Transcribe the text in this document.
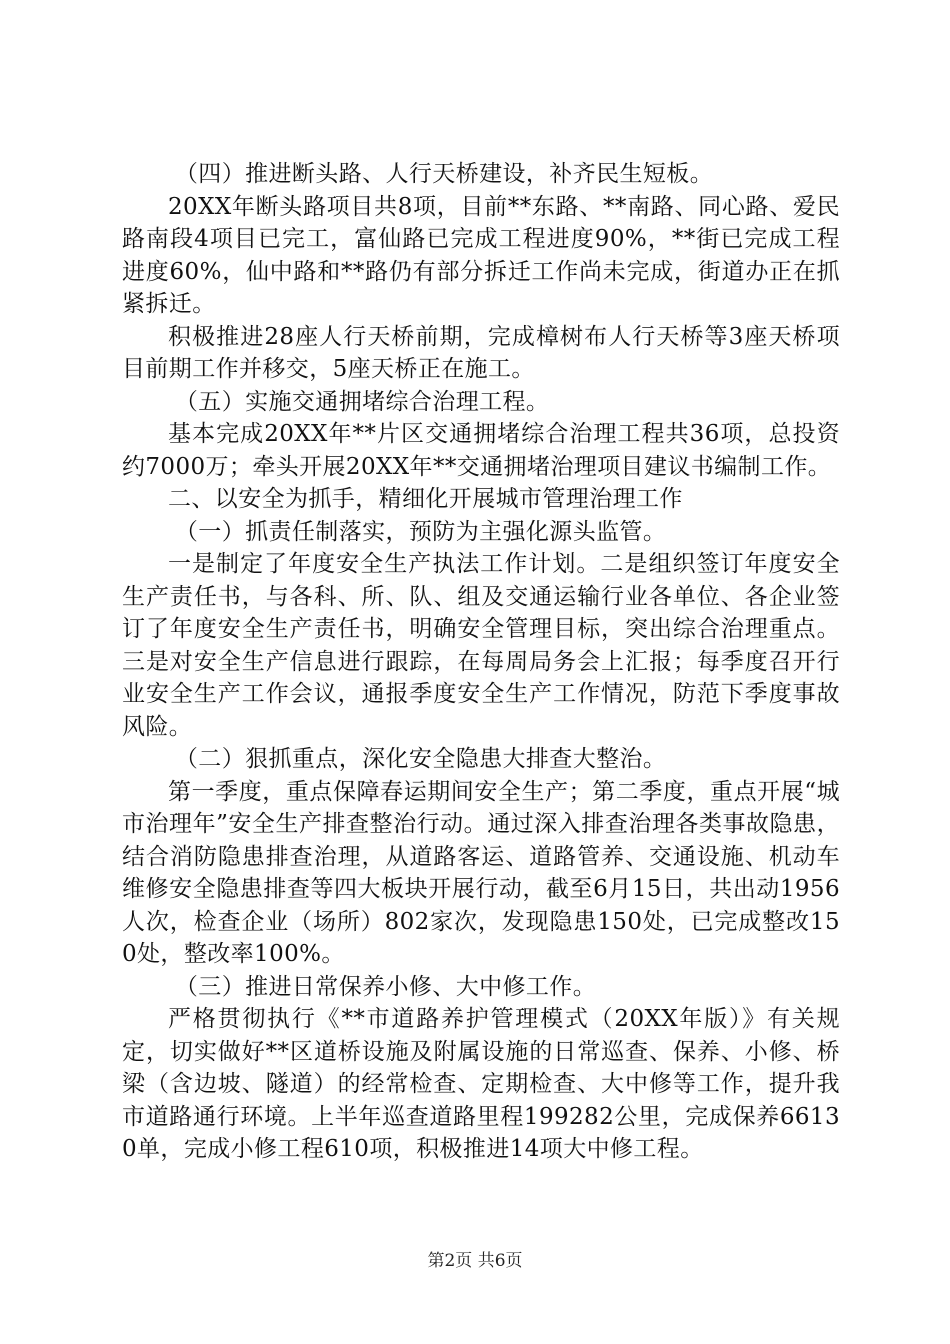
（四）推进断头路、人行天桥建设，补齐民生短板。

20XX年断头路项目共8项，目前**东路、**南路、同心路、爱民路南段4项目已完工，富仙路已完成工程进度90%，**街已完成工程进度60%，仙中路和**路仍有部分拆迁工作尚未完成，街道办正在抓紧拆迁。

积极推进28座人行天桥前期，完成樟树布人行天桥等3座天桥项目前期工作并移交，5座天桥正在施工。

（五）实施交通拥堵综合治理工程。

基本完成20XX年**片区交通拥堵综合治理工程共36项，总投资约7000万；牵头开展20XX年**交通拥堵治理项目建议书编制工作。

二、以安全为抓手，精细化开展城市管理治理工作

（一）抓责任制落实，预防为主强化源头监管。

一是制定了年度安全生产执法工作计划。二是组织签订年度安全生产责任书，与各科、所、队、组及交通运输行业各单位、各企业签订了年度安全生产责任书，明确安全管理目标，突出综合治理重点。三是对安全生产信息进行跟踪，在每周局务会上汇报；每季度召开行业安全生产工作会议，通报季度安全生产工作情况，防范下季度事故风险。

（二）狠抓重点，深化安全隐患大排查大整治。

第一季度，重点保障春运期间安全生产；第二季度，重点开展“城市治理年”安全生产排查整治行动。通过深入排查治理各类事故隐患，结合消防隐患排查治理，从道路客运、道路管养、交通设施、机动车维修安全隐患排查等四大板块开展行动，截至6月15日，共出动1956人次，检查企业（场所）802家次，发现隐患150处，已完成整改150处，整改率100%。

（三）推进日常保养小修、大中修工作。

严格贯彻执行《**市道路养护管理模式（20XX年版）》有关规定，切实做好**区道桥设施及附属设施的日常巡查、保养、小修、桥梁（含边坡、隧道）的经常检查、定期检查、大中修等工作，提升我市道路通行环境。上半年巡查道路里程199282公里，完成保养66130单，完成小修工程610项，积极推进14项大中修工程。

第2页 共6页
